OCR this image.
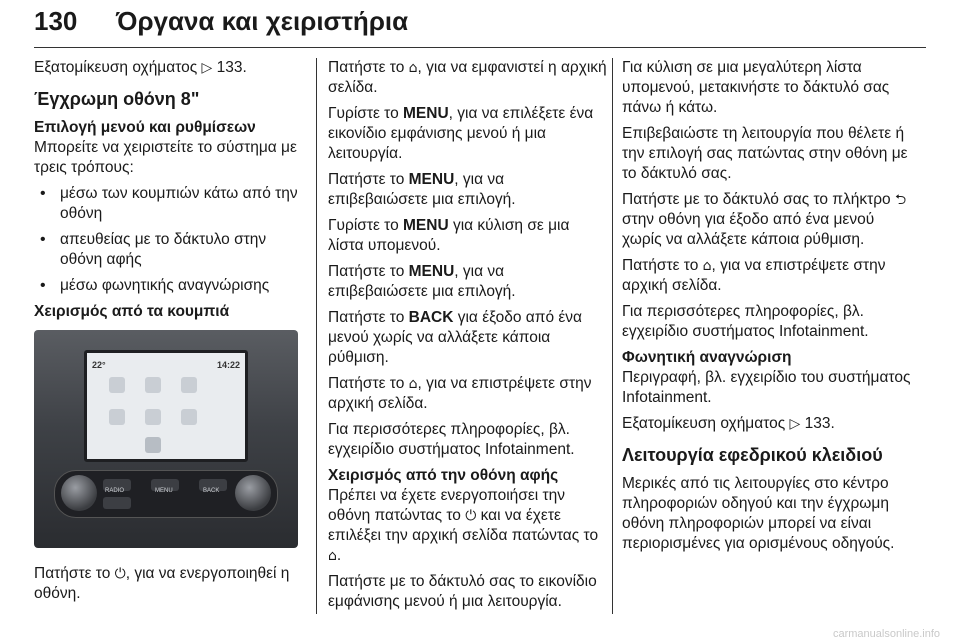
130 Όργανα και χειριστήρια

Εξατομίκευση οχήματος ▷ 133.

Έγχρωμη οθόνη 8"

Επιλογή μενού και ρυθμίσεων

Μπορείτε να χειριστείτε το σύστημα με τρεις τρόπους:

• μέσω των κουμπιών κάτω από την οθόνη
• απευθείας με το δάκτυλο στην οθόνη αφής
• μέσω φωνητικής αναγνώρισης

Χειρισμός από τα κουμπιά

22°	14:22
RADIO	MENU	BACK

Πατήστε το ⏻, για να ενεργοποιηθεί η οθόνη.

Πατήστε το ⌂, για να εμφανιστεί η αρχική σελίδα.

Γυρίστε το MENU, για να επιλέξετε ένα εικονίδιο εμφάνισης μενού ή μια λειτουργία.

Πατήστε το MENU, για να επιβεβαιώσετε μια επιλογή.

Γυρίστε το MENU για κύλιση σε μια λίστα υπομενού.

Πατήστε το MENU, για να επιβεβαιώσετε μια επιλογή.

Πατήστε το BACK για έξοδο από ένα μενού χωρίς να αλλάξετε κάποια ρύθμιση.

Πατήστε το ⌂, για να επιστρέψετε στην αρχική σελίδα.

Για περισσότερες πληροφορίες, βλ. εγχειρίδιο συστήματος Infotainment.

Χειρισμός από την οθόνη αφής

Πρέπει να έχετε ενεργοποιήσει την οθόνη πατώντας το ⏻ και να έχετε επιλέξει την αρχική σελίδα πατώντας το ⌂.

Πατήστε με το δάκτυλό σας το εικονίδιο εμφάνισης μενού ή μια λειτουργία.

Για κύλιση σε μια μεγαλύτερη λίστα υπομενού, μετακινήστε το δάκτυλό σας πάνω ή κάτω.

Επιβεβαιώστε τη λειτουργία που θέλετε ή την επιλογή σας πατώντας στην οθόνη με το δάκτυλό σας.

Πατήστε με το δάκτυλό σας το πλήκτρο ⮌ στην οθόνη για έξοδο από ένα μενού χωρίς να αλλάξετε κάποια ρύθμιση.

Πατήστε το ⌂, για να επιστρέψετε στην αρχική σελίδα.

Για περισσότερες πληροφορίες, βλ. εγχειρίδιο συστήματος Infotainment.

Φωνητική αναγνώριση

Περιγραφή, βλ. εγχειρίδιο του συστήματος Infotainment.

Εξατομίκευση οχήματος ▷ 133.

Λειτουργία εφεδρικού κλειδιού

Μερικές από τις λειτουργίες στο κέντρο πληροφοριών οδηγού και την έγχρωμη οθόνη πληροφοριών μπορεί να είναι περιορισμένες για ορισμένους οδηγούς.

carmanualsonline.info
